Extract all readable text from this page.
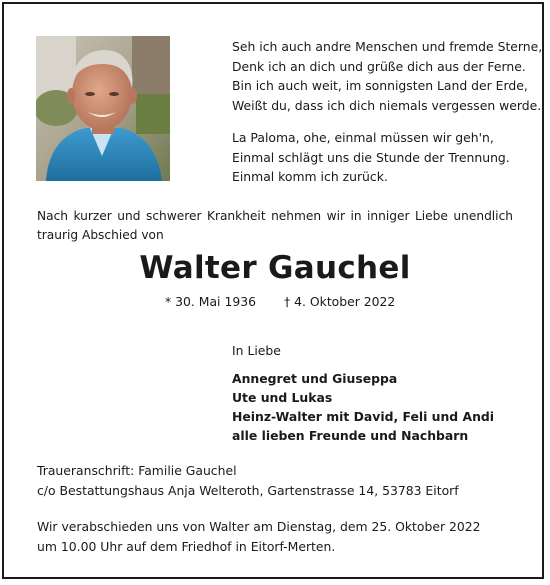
Seh ich auch andre Menschen und fremde Sterne,
Denk ich an dich und grüße dich aus der Ferne.
Bin ich auch weit, im sonnigsten Land der Erde,
Weißt du, dass ich dich niemals vergessen werde.

La Paloma, ohe, einmal müssen wir geh'n,
Einmal schlägt uns die Stunde der Trennung.
Einmal komm ich zurück.

Nach kurzer und schwerer Krankheit nehmen wir in inniger Liebe unendlich traurig Abschied von

Walter Gauchel
* 30. Mai 1936 † 4. Oktober 2022

In Liebe

Annegret und Giuseppa
Ute und Lukas
Heinz-Walter mit David, Feli und Andi
alle lieben Freunde und Nachbarn
Traueranschrift: Familie Gauchel
c/o Bestattungshaus Anja Welteroth, Gartenstrasse 14, 53783 Eitorf
Wir verabschieden uns von Walter am Dienstag, dem 25. Oktober 2022
um 10.00 Uhr auf dem Friedhof in Eitorf-Merten.
